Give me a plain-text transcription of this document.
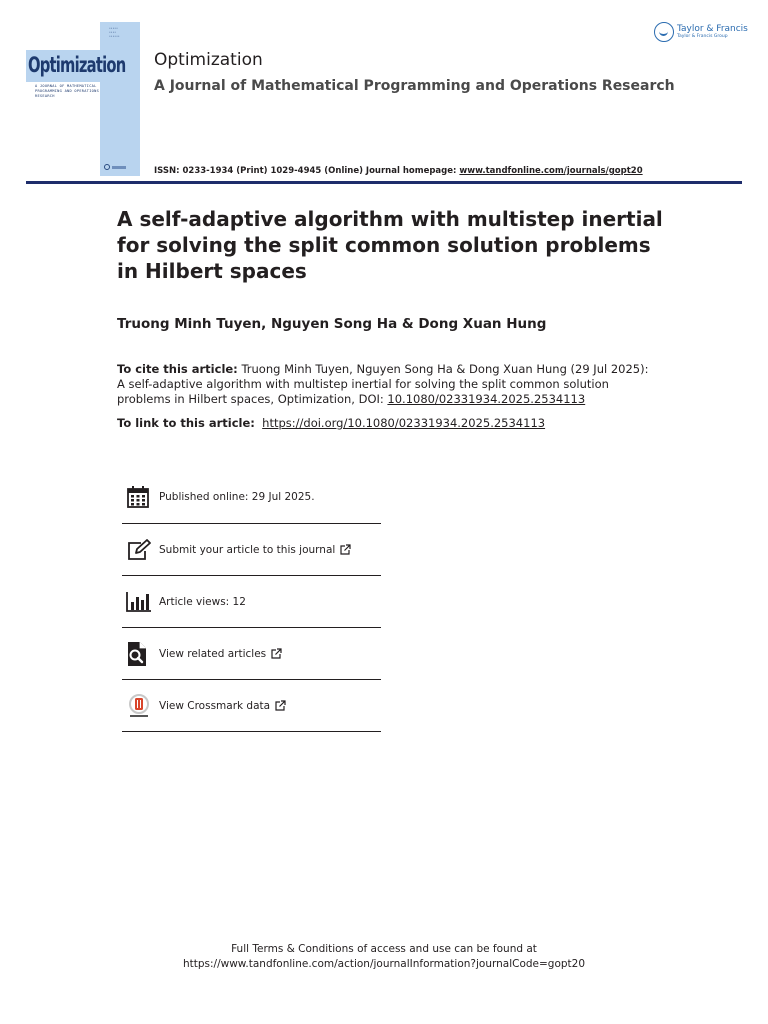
•••••
••••
••••••
Optimization
A JOURNAL OF MATHEMATICAL PROGRAMMING AND OPERATIONS RESEARCH
Optimization
A Journal of Mathematical Programming and Operations Research
ISSN: 0233-1934 (Print) 1029-4945 (Online) Journal homepage: www.tandfonline.com/journals/gopt20
Taylor & Francis
Taylor & Francis Group
A self-adaptive algorithm with multistep inertial for solving the split common solution problems in Hilbert spaces
Truong Minh Tuyen, Nguyen Song Ha & Dong Xuan Hung
To cite this article: Truong Minh Tuyen, Nguyen Song Ha & Dong Xuan Hung (29 Jul 2025): A self-adaptive algorithm with multistep inertial for solving the split common solution problems in Hilbert spaces, Optimization, DOI: 10.1080/02331934.2025.2534113
To link to this article: https://doi.org/10.1080/02331934.2025.2534113
Published online: 29 Jul 2025.
Submit your article to this journal
Article views: 12
View related articles
View Crossmark data
Full Terms & Conditions of access and use can be found at
https://www.tandfonline.com/action/journalInformation?journalCode=gopt20
